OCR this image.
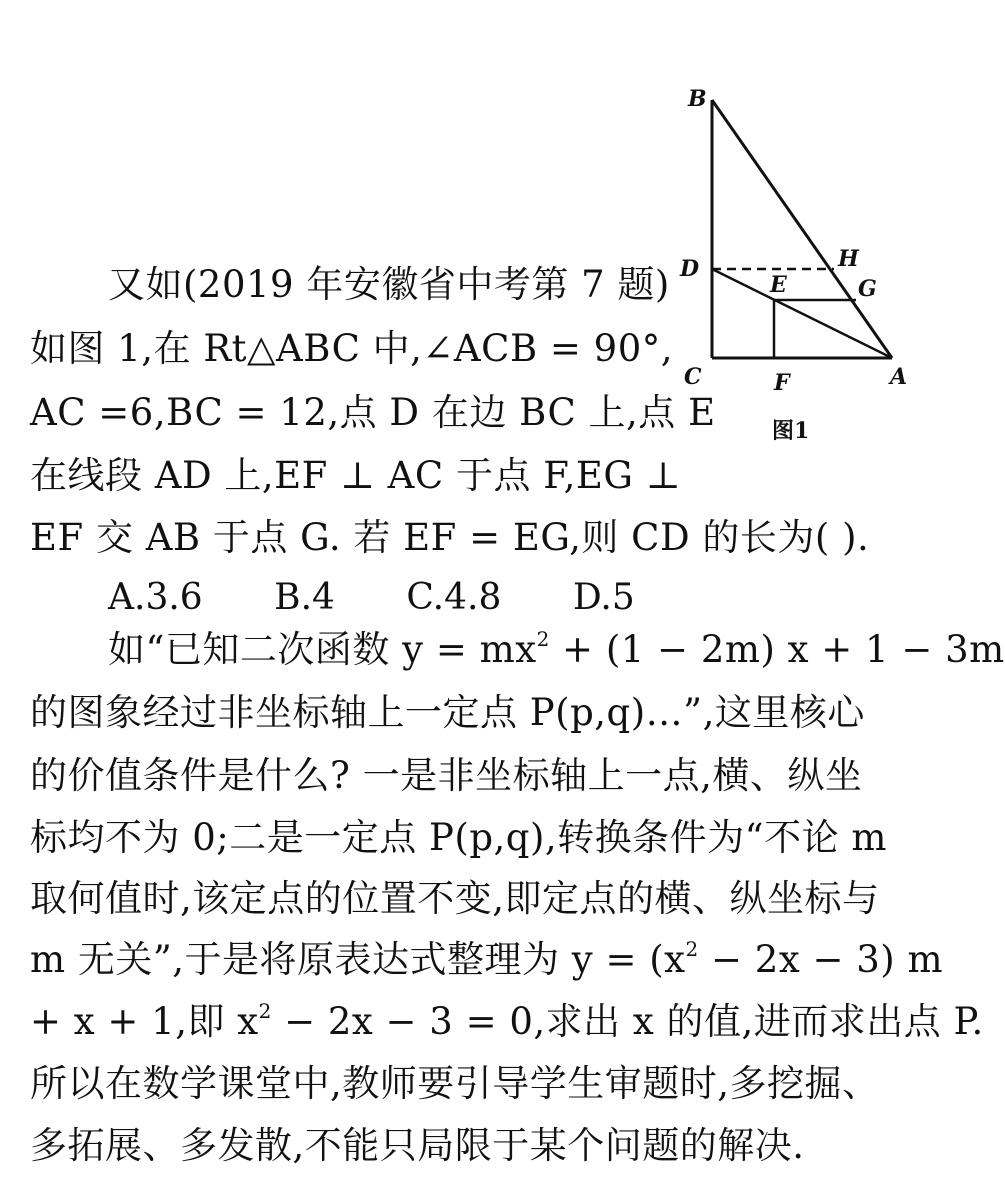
B
D	H
E	G
C	F	A
图1
又如(2019 年安徽省中考第 7 题)
如图 1,在 Rt△ABC 中,∠ACB = 90°,
AC =6,BC = 12,点 D 在边 BC 上,点 E
在线段 AD 上,EF ⊥ AC 于点 F,EG ⊥
EF 交 AB 于点 G. 若 EF = EG,则 CD 的长为( ).
A.3.6 B.4 C.4.8 D.5
如“已知二次函数 $y = mx^2 + (1 - 2m) x + 1 - 3m$
的图象经过非坐标轴上一定点 P(p,q)…”,这里核心
的价值条件是什么? 一是非坐标轴上一点,横、纵坐
标均不为 0;二是一定点 P(p,q),转换条件为“不论 m
取何值时,该定点的位置不变,即定点的横、纵坐标与
m 无关”,于是将原表达式整理为 $y = (x^2 - 2x - 3)$ m
+ x + 1,即 $x^2 - 2x - 3 = 0$,求出 x 的值,进而求出点 P.
所以在数学课堂中,教师要引导学生审题时,多挖掘、
多拓展、多发散,不能只局限于某个问题的解决.
